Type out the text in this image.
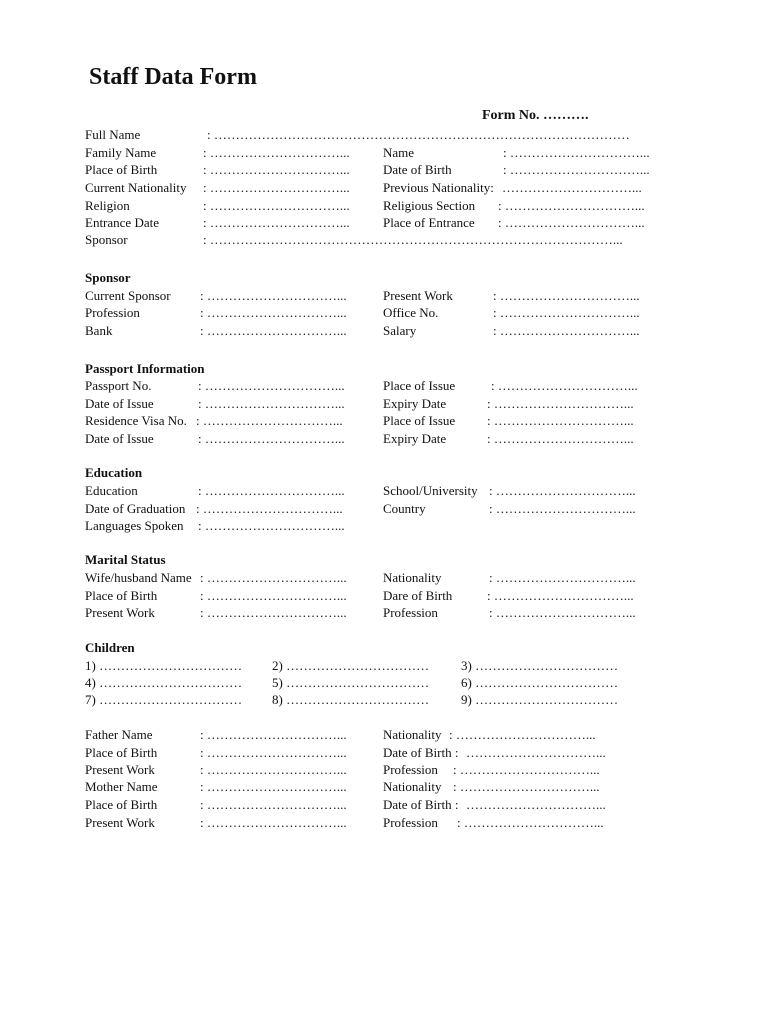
Staff Data Form
Form No. ……….
Full Name	: ……………………………………………………………………………………
Family Name	: …………………………...	Name	: …………………………...
Place of Birth	: …………………………...	Date of Birth	: …………………………...
Current Nationality : …………………………...	Previous Nationality: …………………………...
Religion	: …………………………...	Religious Section : …………………………...
Entrance Date	: …………………………...	Place of Entrance : …………………………...
Sponsor	: …………………………………………………………………………………...
Sponsor
Current Sponsor : …………………………...	Present Work	: …………………………...
Profession	: …………………………...	Office No.	: …………………………...
Bank	: …………………………...	Salary	: …………………………...
Passport Information
Passport No.	: …………………………...	Place of Issue	: …………………………...
Date of Issue	: …………………………...	Expiry Date	: …………………………...
Residence Visa No. : …………………………...	Place of Issue : …………………………...
Date of Issue	: …………………………...	Expiry Date	: …………………………...
Education
Education	: …………………………...	School/University : …………………………...
Date of Graduation : …………………………...	Country	: …………………………...
Languages Spoken : …………………………...
Marital Status
Wife/husband Name : …………………………...	Nationality	: …………………………...
Place of Birth	: …………………………...	Dare of Birth	: …………………………...
Present Work	: …………………………...	Profession	: …………………………...
Children
1) …………………………… 2) …………………………… 3) ……………………………
4) …………………………… 5) …………………………… 6) ……………………………
7) …………………………… 8) …………………………… 9) ……………………………
Father Name	: …………………………...	Nationality : …………………………...
Place of Birth	: …………………………...	Date of Birth : …………………………...
Present Work	: …………………………...	Profession : …………………………...
Mother Name	: …………………………...	Nationality : …………………………...
Place of Birth	: …………………………...	Date of Birth : …………………………...
Present Work	: …………………………...	Profession : …………………………...
